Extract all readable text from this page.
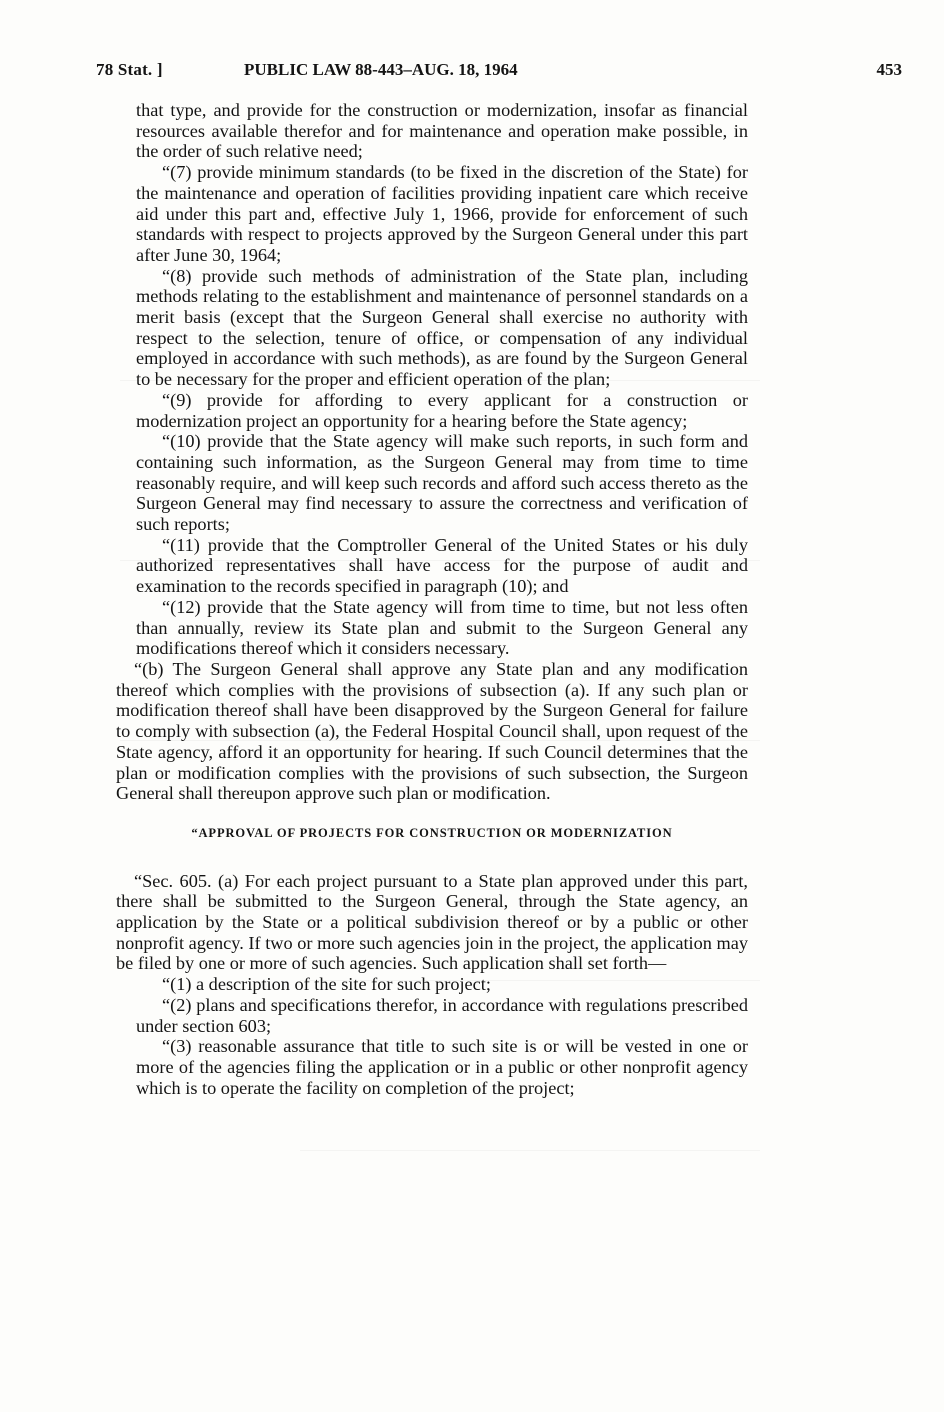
78 Stat. ]	PUBLIC LAW 88-443–AUG. 18, 1964	453

that type, and provide for the construction or modernization, insofar as financial resources available therefor and for maintenance and operation make possible, in the order of such relative need;

“(7) provide minimum standards (to be fixed in the discretion of the State) for the maintenance and operation of facilities providing inpatient care which receive aid under this part and, effective July 1, 1966, provide for enforcement of such standards with respect to projects approved by the Surgeon General under this part after June 30, 1964;

“(8) provide such methods of administration of the State plan, including methods relating to the establishment and maintenance of personnel standards on a merit basis (except that the Surgeon General shall exercise no authority with respect to the selection, tenure of office, or compensation of any individual employed in accordance with such methods), as are found by the Surgeon General to be necessary for the proper and efficient operation of the plan;

“(9) provide for affording to every applicant for a construction or modernization project an opportunity for a hearing before the State agency;

“(10) provide that the State agency will make such reports, in such form and containing such information, as the Surgeon General may from time to time reasonably require, and will keep such records and afford such access thereto as the Surgeon General may find necessary to assure the correctness and verification of such reports;

“(11) provide that the Comptroller General of the United States or his duly authorized representatives shall have access for the purpose of audit and examination to the records specified in paragraph (10); and

“(12) provide that the State agency will from time to time, but not less often than annually, review its State plan and submit to the Surgeon General any modifications thereof which it considers necessary.

“(b) The Surgeon General shall approve any State plan and any modification thereof which complies with the provisions of subsection (a). If any such plan or modification thereof shall have been disapproved by the Surgeon General for failure to comply with subsection (a), the Federal Hospital Council shall, upon request of the State agency, afford it an opportunity for hearing. If such Council determines that the plan or modification complies with the provisions of such subsection, the Surgeon General shall thereupon approve such plan or modification.

“APPROVAL OF PROJECTS FOR CONSTRUCTION OR MODERNIZATION

“Sec. 605. (a) For each project pursuant to a State plan approved under this part, there shall be submitted to the Surgeon General, through the State agency, an application by the State or a political subdivision thereof or by a public or other nonprofit agency. If two or more such agencies join in the project, the application may be filed by one or more of such agencies. Such application shall set forth—

“(1) a description of the site for such project;

“(2) plans and specifications therefor, in accordance with regulations prescribed under section 603;

“(3) reasonable assurance that title to such site is or will be vested in one or more of the agencies filing the application or in a public or other nonprofit agency which is to operate the facility on completion of the project;
